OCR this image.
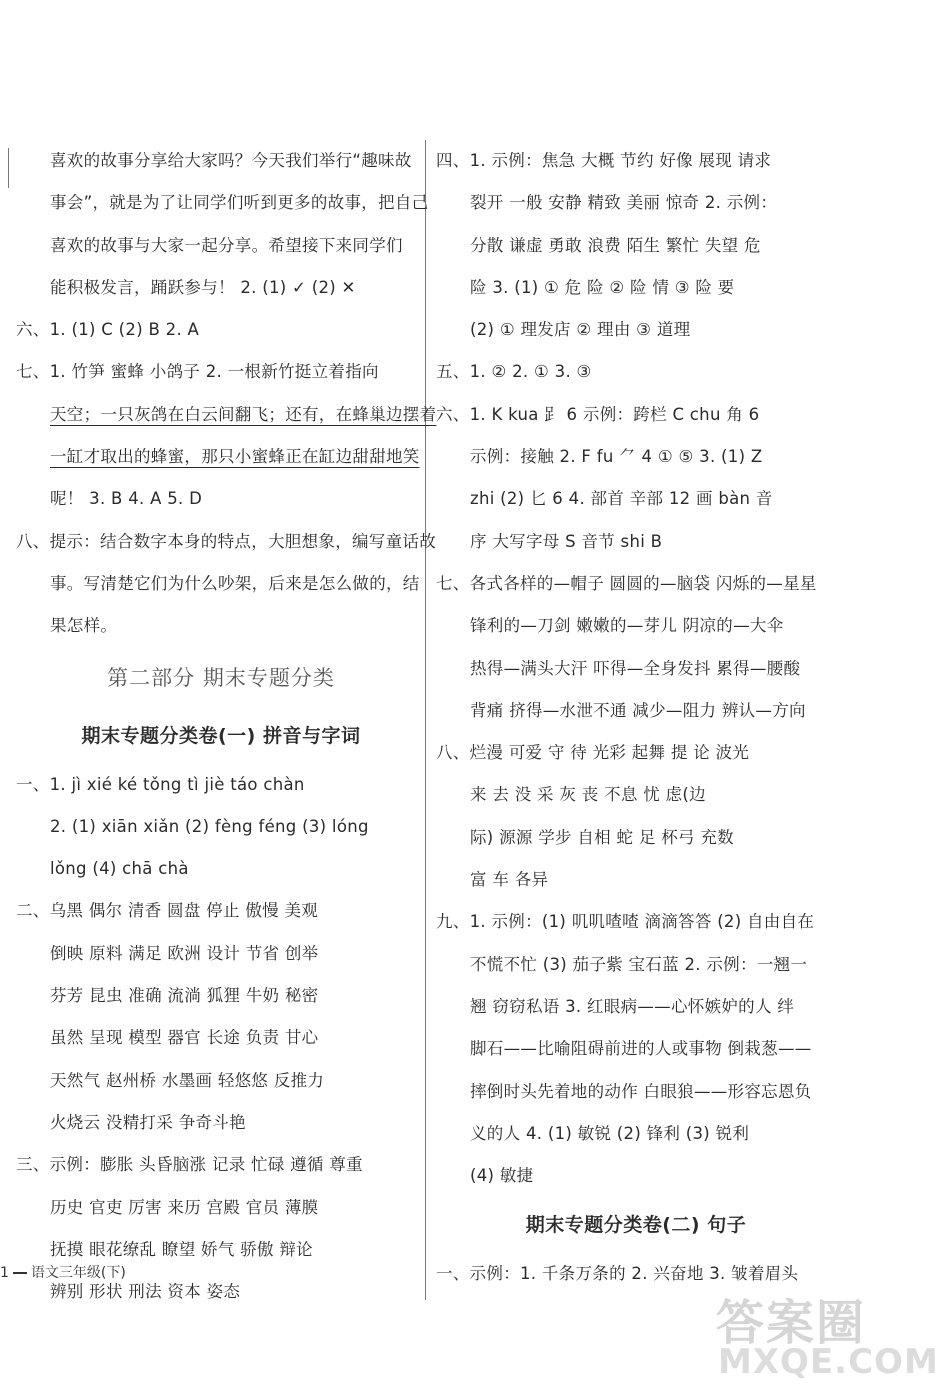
喜欢的故事分享给大家吗？今天我们举行“趣味故
事会”，就是为了让同学们听到更多的故事，把自己
喜欢的故事与大家一起分享。希望接下来同学们
能积极发言，踊跃参与！ 2. (1) ✓ (2) ✕
六、1. (1) C (2) B 2. A
七、1. 竹笋 蜜蜂 小鸽子 2. 一根新竹挺立着指向
天空；一只灰鸽在白云间翻飞；还有，在蜂巢边摆着
一缸才取出的蜂蜜，那只小蜜蜂正在缸边甜甜地笑
呢！ 3. B 4. A 5. D
八、提示：结合数字本身的特点，大胆想象，编写童话故
事。写清楚它们为什么吵架，后来是怎么做的，结
果怎样。
第二部分 期末专题分类
期末专题分类卷(一) 拼音与字词
一、1. jì xié ké tǒng tì jiè táo chàn
2. (1) xiān xiǎn (2) fèng féng (3) lóng
lǒng (4) chā chà
二、乌黑 偶尔 清香 圆盘 停止 傲慢 美观
倒映 原料 满足 欧洲 设计 节省 创举
芬芳 昆虫 准确 流淌 狐狸 牛奶 秘密
虽然 呈现 模型 器官 长途 负责 甘心
天然气 赵州桥 水墨画 轻悠悠 反推力
火烧云 没精打采 争奇斗艳
三、示例：膨胀 头昏脑涨 记录 忙碌 遵循 尊重
历史 官吏 厉害 来历 宫殿 官员 薄膜
抚摸 眼花缭乱 瞭望 娇气 骄傲 辩论
辨别 形状 刑法 资本 姿态
四、1. 示例：焦急 大概 节约 好像 展现 请求
裂开 一般 安静 精致 美丽 惊奇 2. 示例：
分散 谦虚 勇敢 浪费 陌生 繁忙 失望 危
险 3. (1) ① 危 险 ② 险 情 ③ 险 要
(2) ① 理发店 ② 理由 ③ 道理
五、1. ② 2. ① 3. ③
六、1. K kua 𧾷 6 示例：跨栏 C chu 角 6
示例：接触 2. F fu ⺈ 4 ① ⑤ 3. (1) Z
zhi (2) 匕 6 4. 部首 辛部 12 画 bàn 音
序 大写字母 S 音节 shi B
七、各式各样的—帽子 圆圆的—脑袋 闪烁的—星星
锋利的—刀剑 嫩嫩的—芽儿 阴凉的—大伞
热得—满头大汗 吓得—全身发抖 累得—腰酸
背痛 挤得—水泄不通 减少—阻力 辨认—方向
八、烂漫 可爱 守 待 光彩 起舞 提 论 波光
来 去 没 采 灰 丧 不息 忧 虑(边
际) 源源 学步 自相 蛇 足 杯弓 充数
富 车 各异
九、1. 示例：(1) 叽叽喳喳 滴滴答答 (2) 自由自在
不慌不忙 (3) 茄子紫 宝石蓝 2. 示例：一翘一
翘 窃窃私语 3. 红眼病——心怀嫉妒的人 绊
脚石——比喻阻碍前进的人或事物 倒栽葱——
摔倒时头先着地的动作 白眼狼——形容忘恩负
义的人 4. (1) 敏锐 (2) 锋利 (3) 锐利
(4) 敏捷
期末专题分类卷(二) 句子
一、示例：1. 千条万条的 2. 兴奋地 3. 皱着眉头
1 语文三年级(下)
答案圈
MXQE.COM
